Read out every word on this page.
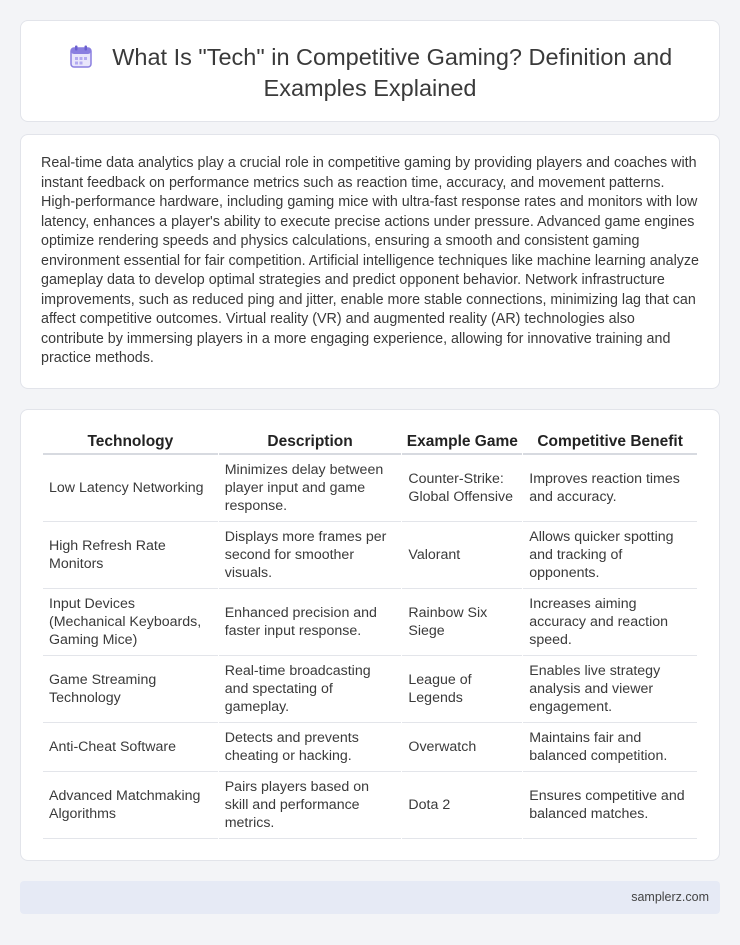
What Is "Tech" in Competitive Gaming? Definition and Examples Explained

Real-time data analytics play a crucial role in competitive gaming by providing players and coaches with instant feedback on performance metrics such as reaction time, accuracy, and movement patterns. High-performance hardware, including gaming mice with ultra-fast response rates and monitors with low latency, enhances a player's ability to execute precise actions under pressure. Advanced game engines optimize rendering speeds and physics calculations, ensuring a smooth and consistent gaming environment essential for fair competition. Artificial intelligence techniques like machine learning analyze gameplay data to develop optimal strategies and predict opponent behavior. Network infrastructure improvements, such as reduced ping and jitter, enable more stable connections, minimizing lag that can affect competitive outcomes. Virtual reality (VR) and augmented reality (AR) technologies also contribute by immersing players in a more engaging experience, allowing for innovative training and practice methods.

Technology	Description	Example Game	Competitive Benefit
Low Latency Networking	Minimizes delay between player input and game response.	Counter-Strike: Global Offensive	Improves reaction times and accuracy.
High Refresh Rate Monitors	Displays more frames per second for smoother visuals.	Valorant	Allows quicker spotting and tracking of opponents.
Input Devices (Mechanical Keyboards, Gaming Mice)	Enhanced precision and faster input response.	Rainbow Six Siege	Increases aiming accuracy and reaction speed.
Game Streaming Technology	Real-time broadcasting and spectating of gameplay.	League of Legends	Enables live strategy analysis and viewer engagement.
Anti-Cheat Software	Detects and prevents cheating or hacking.	Overwatch	Maintains fair and balanced competition.
Advanced Matchmaking Algorithms	Pairs players based on skill and performance metrics.	Dota 2	Ensures competitive and balanced matches.
samplerz.com
